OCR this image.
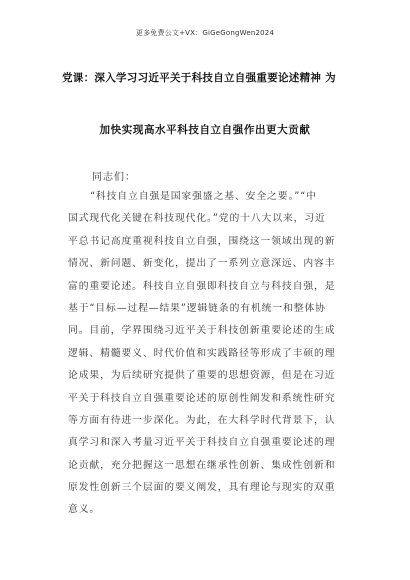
更多免费公文+VX：GiGeGongWen2024
党课：深入学习习近平关于科技自立自强重要论述精神 为
加快实现高水平科技自立自强作出更大贡献
同志们：
“科技自立自强是国家强盛之基、安全之要。”“中
国式现代化关键在科技现代化。”党的十八大以来，习近
平总书记高度重视科技自立自强，围绕这一领域出现的新
情况、新问题、新变化，提出了一系列立意深远、内容丰
富的重要论述。科技自立自强即科技自立与科技自强，是
基于“目标—过程—结果”逻辑链条的有机统一和整体协
同。目前，学界围绕习近平关于科技创新重要论述的生成
逻辑、精髓要义、时代价值和实践路径等形成了丰硕的理
论成果，为后续研究提供了重要的思想资源，但是在习近
平关于科技自立自强重要论述的原创性阐发和系统性研究
等方面有待进一步深化。为此，在大科学时代背景下，认
真学习和深入考量习近平关于科技自立自强重要论述的理
论贡献，充分把握这一思想在继承性创新、集成性创新和
原发性创新三个层面的要义阐发，具有理论与现实的双重
意义。
